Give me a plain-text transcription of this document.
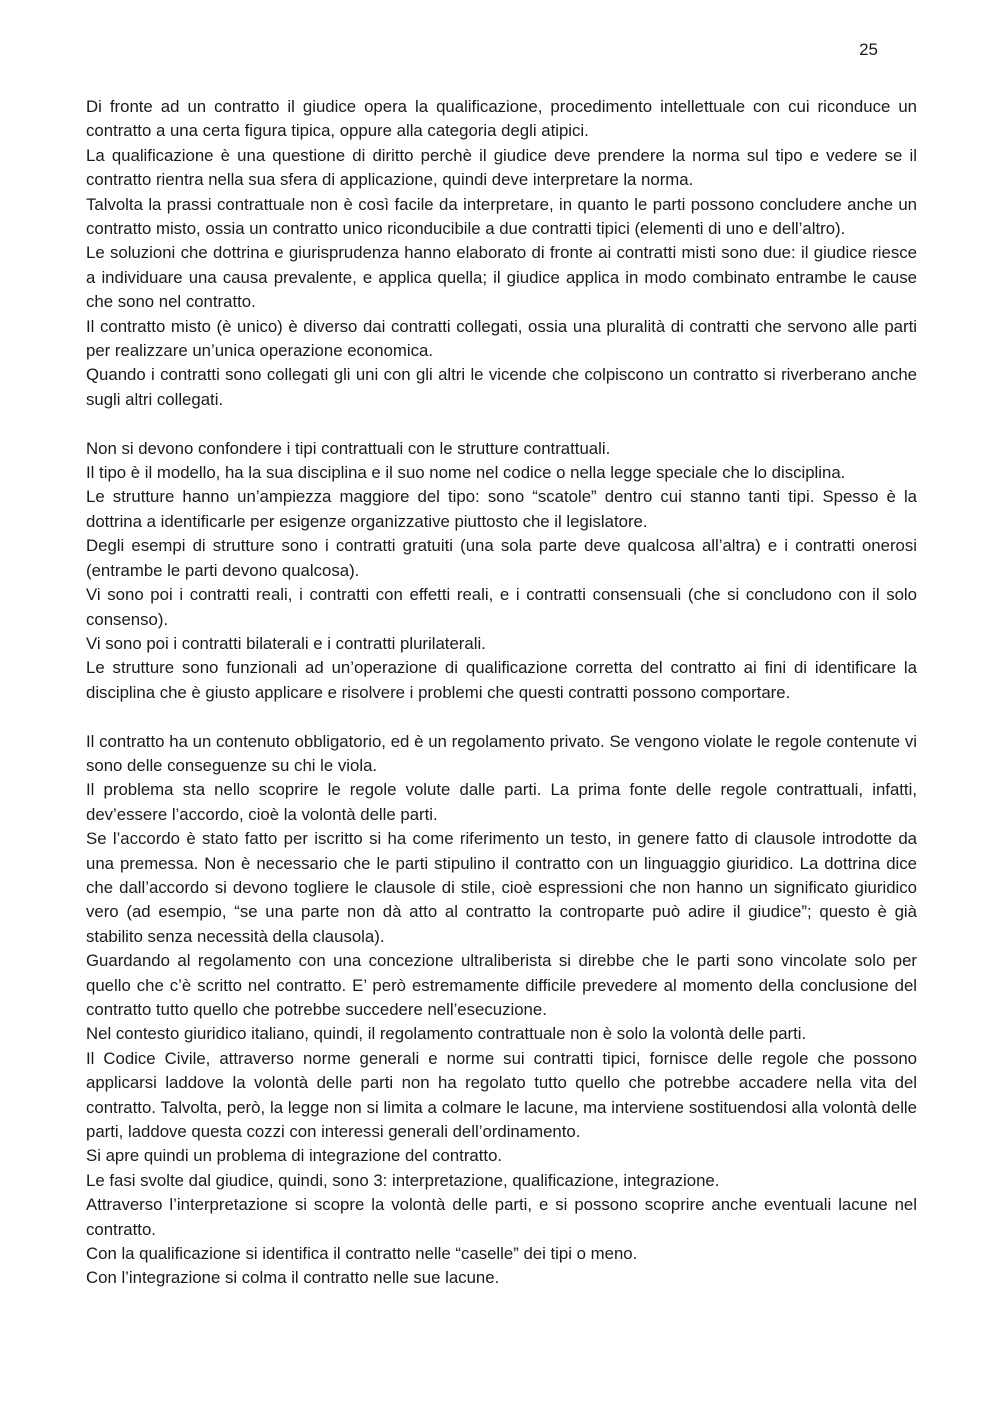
25

Di fronte ad un contratto il giudice opera la qualificazione, procedimento intellettuale con cui riconduce un contratto a una certa figura tipica, oppure alla categoria degli atipici.

La qualificazione è una questione di diritto perchè il giudice deve prendere la norma sul tipo e vedere se il contratto rientra nella sua sfera di applicazione, quindi deve interpretare la norma.

Talvolta la prassi contrattuale non è così facile da interpretare, in quanto le parti possono concludere anche un contratto misto, ossia un contratto unico riconducibile a due contratti tipici (elementi di uno e dell’altro).

Le soluzioni che dottrina e giurisprudenza hanno elaborato di fronte ai contratti misti sono due: il giudice riesce a individuare una causa prevalente, e applica quella; il giudice applica in modo combinato entrambe le cause che sono nel contratto.

Il contratto misto (è unico) è diverso dai contratti collegati, ossia una pluralità di contratti che servono alle parti per realizzare un’unica operazione economica.

Quando i contratti sono collegati gli uni con gli altri le vicende che colpiscono un contratto si riverberano anche sugli altri collegati.

Non si devono confondere i tipi contrattuali con le strutture contrattuali.

Il tipo è il modello, ha la sua disciplina e il suo nome nel codice o nella legge speciale che lo disciplina.

Le strutture hanno un’ampiezza maggiore del tipo: sono “scatole” dentro cui stanno tanti tipi. Spesso è la dottrina a identificarle per esigenze organizzative piuttosto che il legislatore.

Degli esempi di strutture sono i contratti gratuiti (una sola parte deve qualcosa all’altra) e i contratti onerosi (entrambe le parti devono qualcosa).

Vi sono poi i contratti reali, i contratti con effetti reali, e i contratti consensuali (che si concludono con il solo consenso).

Vi sono poi i contratti bilaterali e i contratti plurilaterali.

Le strutture sono funzionali ad un’operazione di qualificazione corretta del contratto ai fini di identificare la disciplina che è giusto applicare e risolvere i problemi che questi contratti possono comportare.

Il contratto ha un contenuto obbligatorio, ed è un regolamento privato. Se vengono violate le regole contenute vi sono delle conseguenze su chi le viola.

Il problema sta nello scoprire le regole volute dalle parti. La prima fonte delle regole contrattuali, infatti, dev’essere l’accordo, cioè la volontà delle parti.

Se l’accordo è stato fatto per iscritto si ha come riferimento un testo, in genere fatto di clausole introdotte da una premessa. Non è necessario che le parti stipulino il contratto con un linguaggio giuridico. La dottrina dice che dall’accordo si devono togliere le clausole di stile, cioè espressioni che non hanno un significato giuridico vero (ad esempio, “se una parte non dà atto al contratto la controparte può adire il giudice”; questo è già stabilito senza necessità della clausola).

Guardando al regolamento con una concezione ultraliberista si direbbe che le parti sono vincolate solo per quello che c’è scritto nel contratto. E’ però estremamente difficile prevedere al momento della conclusione del contratto tutto quello che potrebbe succedere nell’esecuzione.

Nel contesto giuridico italiano, quindi, il regolamento contrattuale non è solo la volontà delle parti.

Il Codice Civile, attraverso norme generali e norme sui contratti tipici, fornisce delle regole che possono applicarsi laddove la volontà delle parti non ha regolato tutto quello che potrebbe accadere nella vita del contratto. Talvolta, però, la legge non si limita a colmare le lacune, ma interviene sostituendosi alla volontà delle parti, laddove questa cozzi con interessi generali dell’ordinamento.

Si apre quindi un problema di integrazione del contratto.

Le fasi svolte dal giudice, quindi, sono 3: interpretazione, qualificazione, integrazione.

Attraverso l’interpretazione si scopre la volontà delle parti, e si possono scoprire anche eventuali lacune nel contratto.

Con la qualificazione si identifica il contratto nelle “caselle” dei tipi o meno.

Con l’integrazione si colma il contratto nelle sue lacune.
